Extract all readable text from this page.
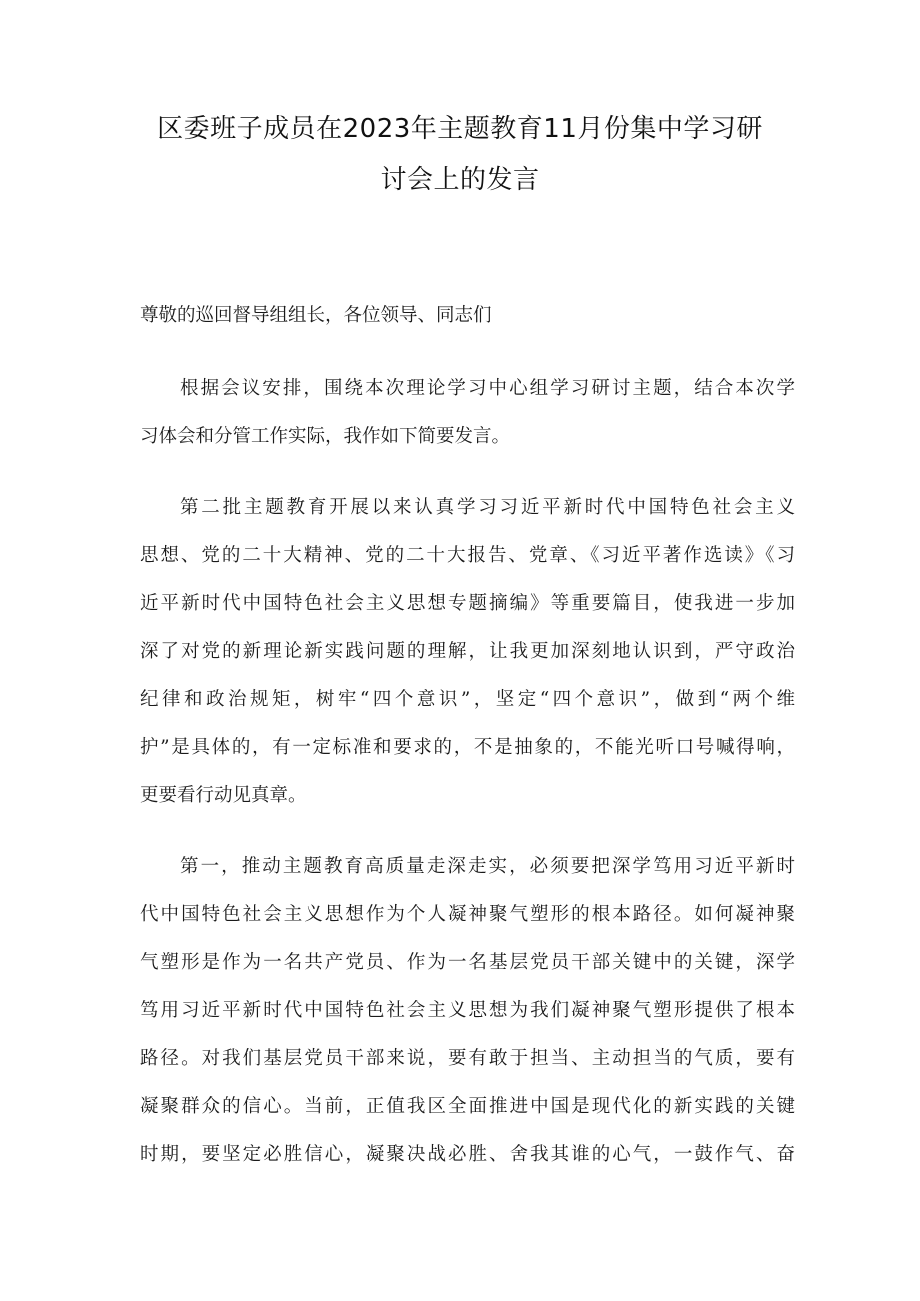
区委班子成员在2023年主题教育11月份集中学习研
讨会上的发言

尊敬的巡回督导组组长，各位领导、同志们

根据会议安排，围绕本次理论学习中心组学习研讨主题，结合本次学

习体会和分管工作实际，我作如下简要发言。

第二批主题教育开展以来认真学习习近平新时代中国特色社会主义

思想、党的二十大精神、党的二十大报告、党章、《习近平著作选读》《习

近平新时代中国特色社会主义思想专题摘编》等重要篇目，使我进一步加

深了对党的新理论新实践问题的理解，让我更加深刻地认识到，严守政治

纪律和政治规矩，树牢“四个意识”，坚定“四个意识”，做到“两个维

护”是具体的，有一定标准和要求的，不是抽象的，不能光听口号喊得响，

更要看行动见真章。

第一，推动主题教育高质量走深走实，必须要把深学笃用习近平新时

代中国特色社会主义思想作为个人凝神聚气塑形的根本路径。如何凝神聚

气塑形是作为一名共产党员、作为一名基层党员干部关键中的关键，深学

笃用习近平新时代中国特色社会主义思想为我们凝神聚气塑形提供了根本

路径。对我们基层党员干部来说，要有敢于担当、主动担当的气质，要有

凝聚群众的信心。当前，正值我区全面推进中国是现代化的新实践的关键

时期，要坚定必胜信心，凝聚决战必胜、舍我其谁的心气，一鼓作气、奋
